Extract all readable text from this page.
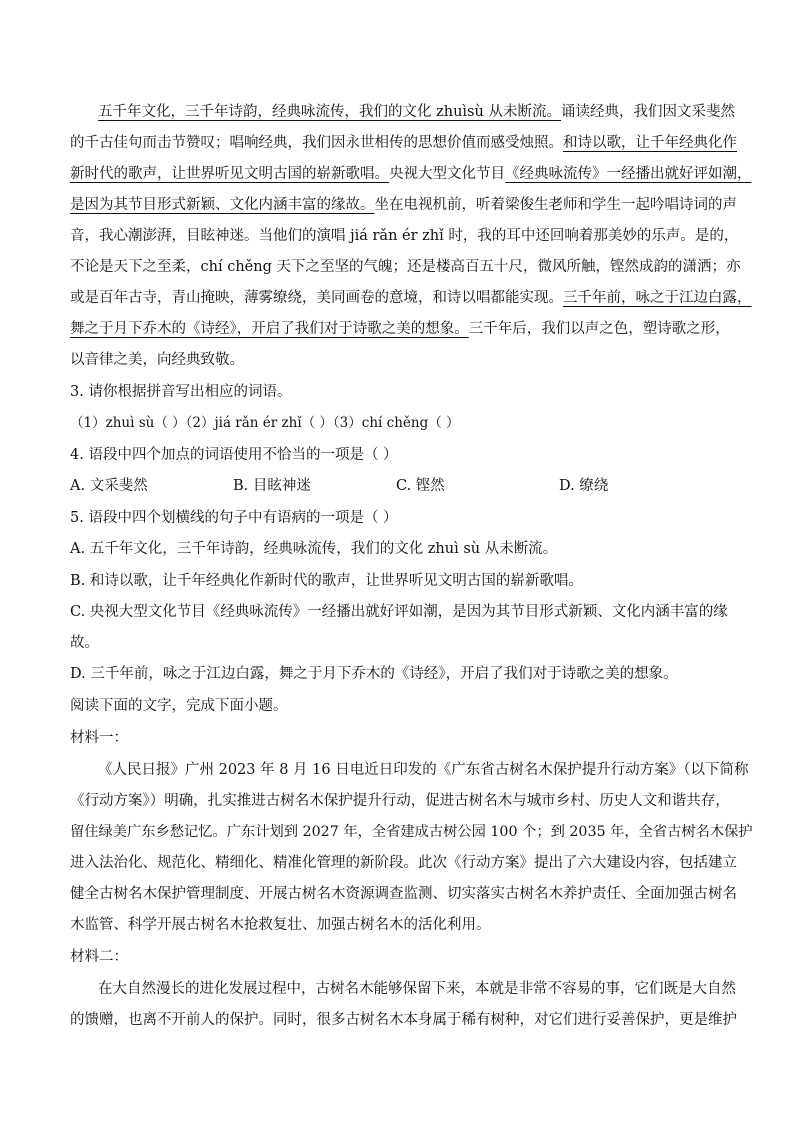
五千年文化，三千年诗韵，经典咏流传，我们的文化 zhuìsù 从未断流。诵读经典，我们因文采斐然
的千古佳句而击节赞叹；唱响经典，我们因永世相传的思想价值而感受烛照。和诗以歌，让千年经典化作
新时代的歌声，让世界听见文明古国的崭新歌唱。央视大型文化节目《经典咏流传》一经播出就好评如潮，
是因为其节目形式新颖、文化内涵丰富的缘故。坐在电视机前，听着梁俊生老师和学生一起吟唱诗词的声
音，我心潮澎湃，目眩神迷。当他们的演唱 jiá rǎn ér zhǐ 时，我的耳中还回响着那美妙的乐声。是的，
不论是天下之至柔，chí chěng 天下之至坚的气魄；还是楼高百五十尺，微风所触，铿然成韵的潇洒；亦
或是百年古寺，青山掩映，薄雾缭绕，美同画卷的意境，和诗以唱都能实现。三千年前，咏之于江边白露，
舞之于月下乔木的《诗经》，开启了我们对于诗歌之美的想象。三千年后，我们以声之色，塑诗歌之形，
以音律之美，向经典致敬。
3. 请你根据拼音写出相应的词语。
（1）zhuì sù（ ）（2）jiá rǎn ér zhǐ（ ）（3）chí chěng（ ）
4. 语段中四个加点的词语使用不恰当的一项是（ ）
A. 文采斐然	B. 目眩神迷	C. 铿然	D. 缭绕
5. 语段中四个划横线的句子中有语病的一项是（ ）
A. 五千年文化，三千年诗韵，经典咏流传，我们的文化 zhuì sù 从未断流。
B. 和诗以歌，让千年经典化作新时代的歌声，让世界听见文明古国的崭新歌唱。
C. 央视大型文化节目《经典咏流传》一经播出就好评如潮，是因为其节目形式新颖、文化内涵丰富的缘
故。
D. 三千年前，咏之于江边白露，舞之于月下乔木的《诗经》，开启了我们对于诗歌之美的想象。
阅读下面的文字，完成下面小题。
材料一：
《人民日报》广州 2023 年 8 月 16 日电近日印发的《广东省古树名木保护提升行动方案》（以下简称
《行动方案》）明确，扎实推进古树名木保护提升行动，促进古树名木与城市乡村、历史人文和谐共存，
留住绿美广东乡愁记忆。广东计划到 2027 年，全省建成古树公园 100 个；到 2035 年，全省古树名木保护
进入法治化、规范化、精细化、精准化管理的新阶段。此次《行动方案》提出了六大建设内容，包括建立
健全古树名木保护管理制度、开展古树名木资源调查监测、切实落实古树名木养护责任、全面加强古树名
木监管、科学开展古树名木抢救复壮、加强古树名木的活化利用。
材料二：
在大自然漫长的进化发展过程中，古树名木能够保留下来，本就是非常不容易的事，它们既是大自然
的馈赠，也离不开前人的保护。同时，很多古树名木本身属于稀有树种，对它们进行妥善保护，更是维护
